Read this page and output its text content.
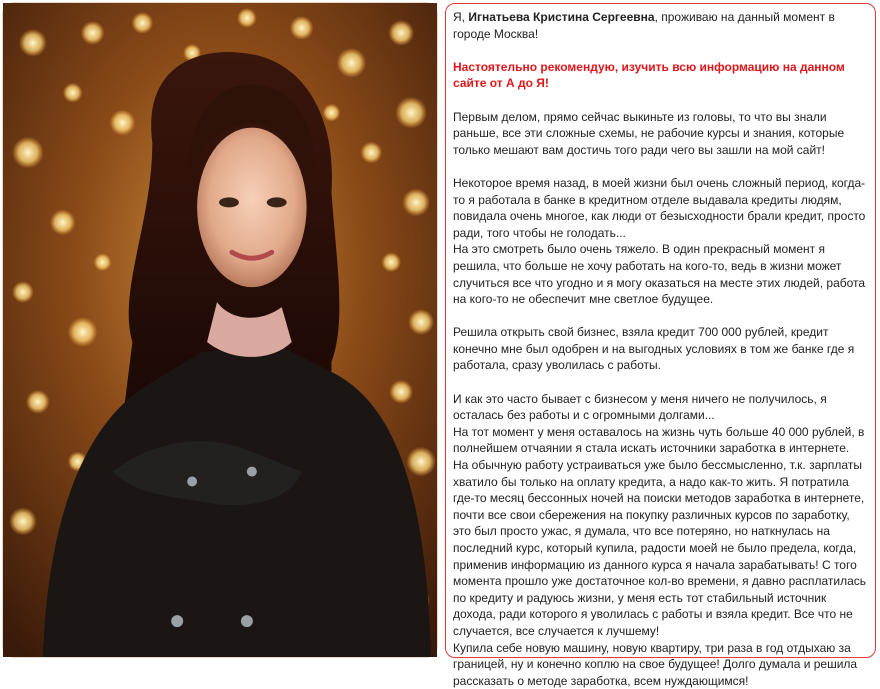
Я, Игнатьева Кристина Сергеевна, проживаю на данный момент в городе Москва!

Настоятельно рекомендую, изучить всю информацию на данном сайте от А до Я!

Первым делом, прямо сейчас выкиньте из головы, то что вы знали раньше, все эти сложные схемы, не рабочие курсы и знания, которые только мешают вам достичь того ради чего вы зашли на мой сайт!

Некоторое время назад, в моей жизни был очень сложный период, когда-то я работала в банке в кредитном отделе выдавала кредиты людям, повидала очень многое, как люди от безысходности брали кредит, просто ради, того чтобы не голодать...

На это смотреть было очень тяжело. В один прекрасный момент я решила, что больше не хочу работать на кого-то, ведь в жизни может случиться все что угодно и я могу оказаться на месте этих людей, работа на кого-то не обеспечит мне светлое будущее.

Решила открыть свой бизнес, взяла кредит 700 000 рублей, кредит конечно мне был одобрен и на выгодных условиях в том же банке где я работала, сразу уволилась с работы.

И как это часто бывает с бизнесом у меня ничего не получилось, я осталась без работы и с огромными долгами...

На тот момент у меня оставалось на жизнь чуть больше 40 000 рублей, в полнейшем отчаянии я стала искать источники заработка в интернете. На обычную работу устраиваться уже было бессмысленно, т.к. зарплаты хватило бы только на оплату кредита, а надо как-то жить. Я потратила где-то месяц бессонных ночей на поиски методов заработка в интернете, почти все свои сбережения на покупку различных курсов по заработку, это был просто ужас, я думала, что все потеряно, но наткнулась на последний курс, который купила, радости моей не было предела, когда, применив информацию из данного курса я начала зарабатывать! С того момента прошло уже достаточное кол-во времени, я давно расплатилась по кредиту и радуюсь жизни, у меня есть тот стабильный источник дохода, ради которого я уволилась с работы и взяла кредит. Все что не случается, все случается к лучшему!

Купила себе новую машину, новую квартиру, три раза в год отдыхаю за границей, ну и конечно коплю на свое будущее! Долго думала и решила рассказать о методе заработка, всем нуждающимся!
